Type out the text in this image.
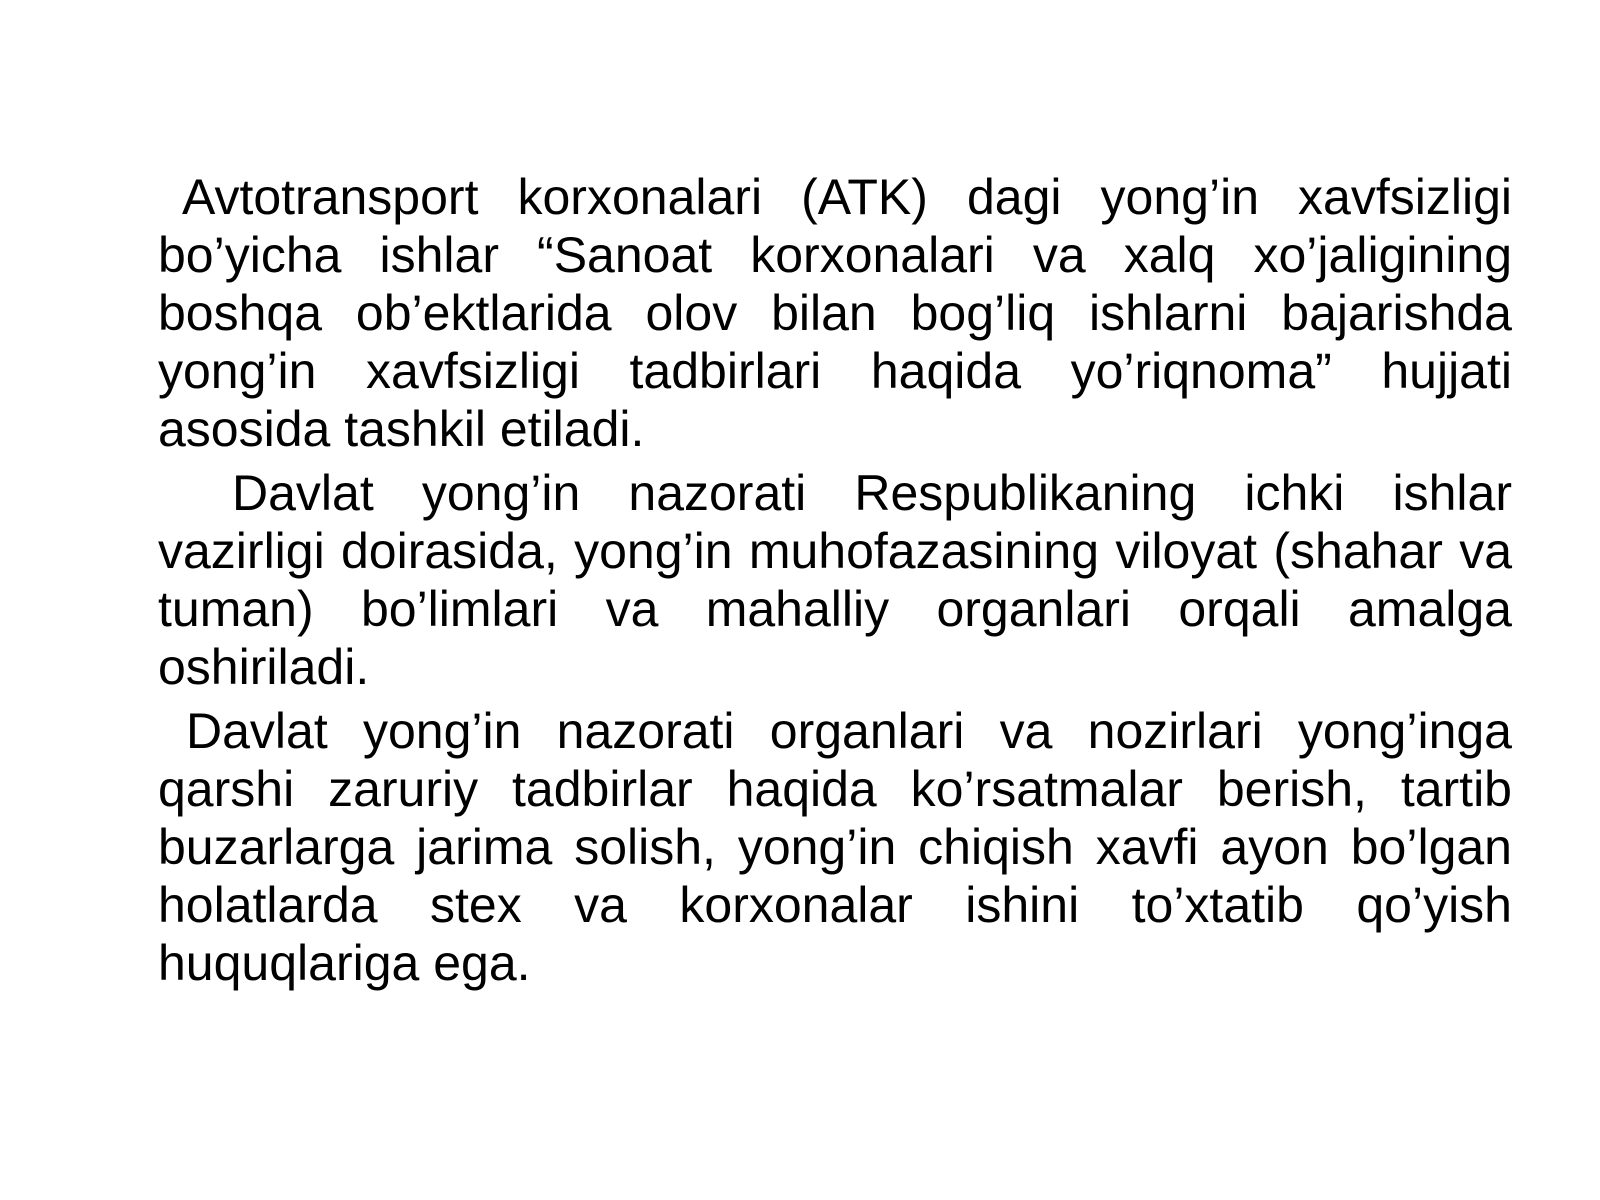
Avtotransport korxonalari (ATK) dagi yong’in xavfsizligi bo’yicha ishlar “Sanoat korxonalari va xalq xo’jaligining boshqa ob’ektlarida olov bilan bog’liq ishlarni bajarishda yong’in xavfsizligi tadbirlari haqida yo’riqnoma” hujjati asosida tashkil etiladi.

Davlat yong’in nazorati Respublikaning ichki ishlar vazirligi doirasida, yong’in muhofazasining viloyat (shahar va tuman) bo’limlari va mahalliy organlari orqali amalga oshiriladi.

Davlat yong’in nazorati organlari va nozirlari yong’inga qarshi zaruriy tadbirlar haqida ko’rsatmalar berish, tartib buzarlarga jarima solish, yong’in chiqish xavfi ayon bo’lgan holatlarda stex va korxonalar ishini to’xtatib qo’yish huquqlariga ega.
